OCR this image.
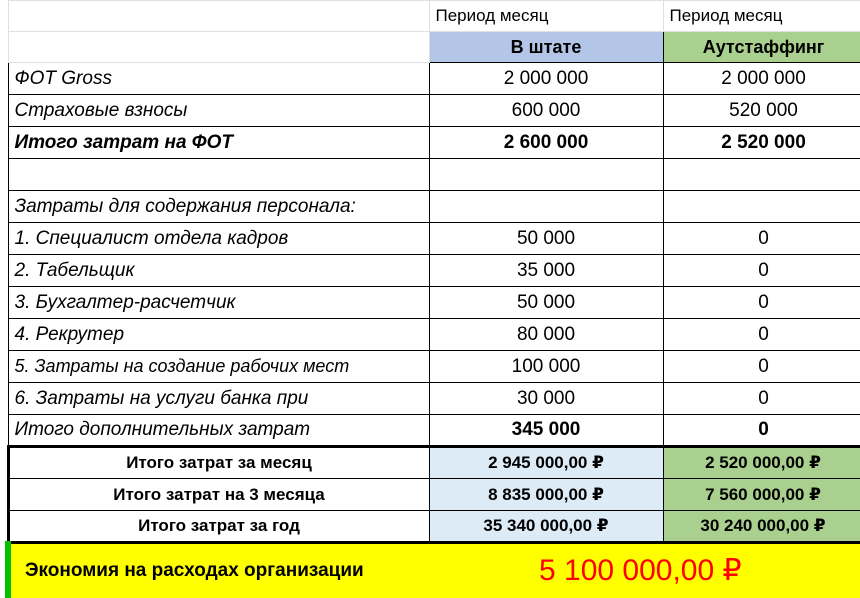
	Период месяц	Период месяц
	В штате	Аутстаффинг
ФОТ Gross	2 000 000	2 000 000
Страховые взносы	600 000	520 000
Итого затрат на ФОТ	2 600 000	2 520 000

Затраты для содержания персонала:		
1. Специалист отдела кадров	50 000	0
2. Табельщик	35 000	0
3. Бухгалтер-расчетчик	50 000	0
4. Рекрутер	80 000	0
5. Затраты на создание рабочих мест	100 000	0
6. Затраты на услуги банка при	30 000	0
Итого дополнительных затрат	345 000	0
Итого затрат за месяц	2 945 000,00 ₽	2 520 000,00 ₽
Итого затрат на 3 месяца	8 835 000,00 ₽	7 560 000,00 ₽
Итого затрат за год	35 340 000,00 ₽	30 240 000,00 ₽
Экономия на расходах организации	5 100 000,00 ₽	
